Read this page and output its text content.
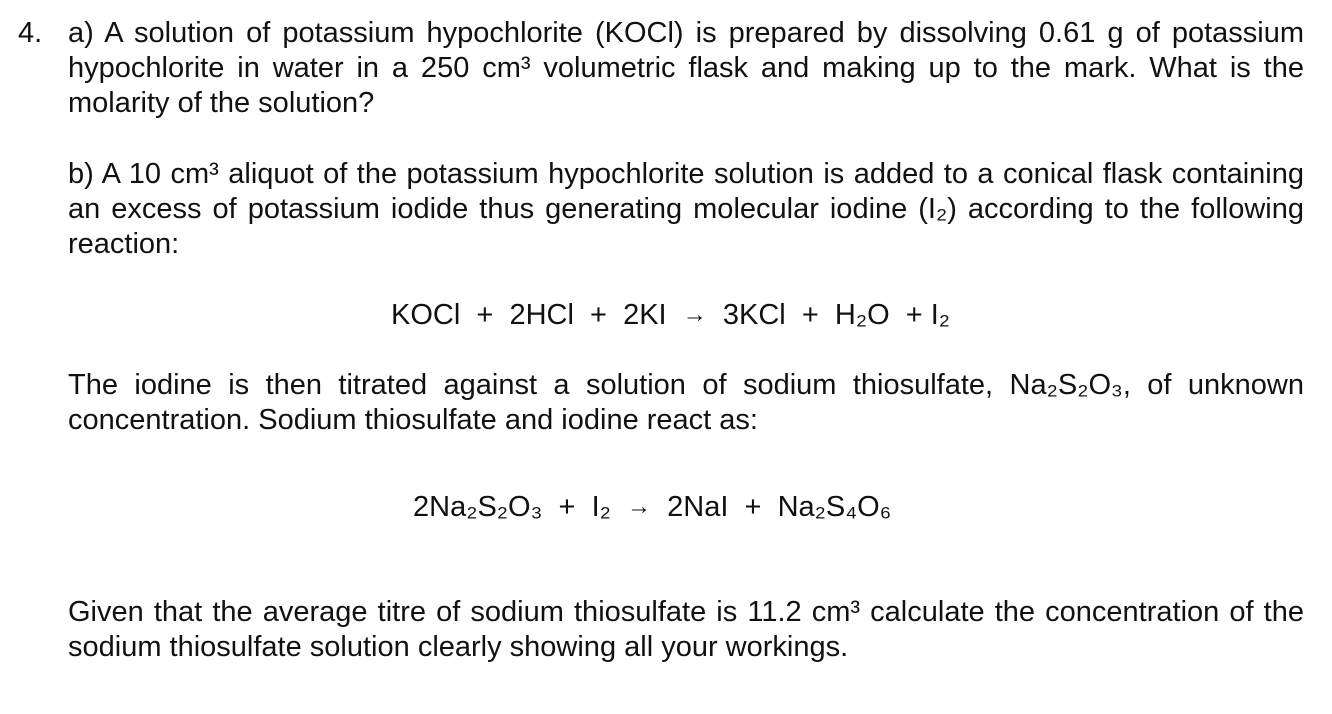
4. a) A solution of potassium hypochlorite (KOCl) is prepared by dissolving 0.61 g of potassium hypochlorite in water in a 250 cm³ volumetric flask and making up to the mark. What is the molarity of the solution?
b) A 10 cm³ aliquot of the potassium hypochlorite solution is added to a conical flask containing an excess of potassium iodide thus generating molecular iodine (I₂) according to the following reaction:
KOCl  +  2HCl  +  2KI → 3KCl  +  H₂O  + I₂
The iodine is then titrated against a solution of sodium thiosulfate, Na₂S₂O₃, of unknown concentration. Sodium thiosulfate and iodine react as:
2Na₂S₂O₃  +  I₂ → 2NaI  +  Na₂S₄O₆
Given that the average titre of sodium thiosulfate is 11.2 cm³ calculate the concentration of the sodium thiosulfate solution clearly showing all your workings.
